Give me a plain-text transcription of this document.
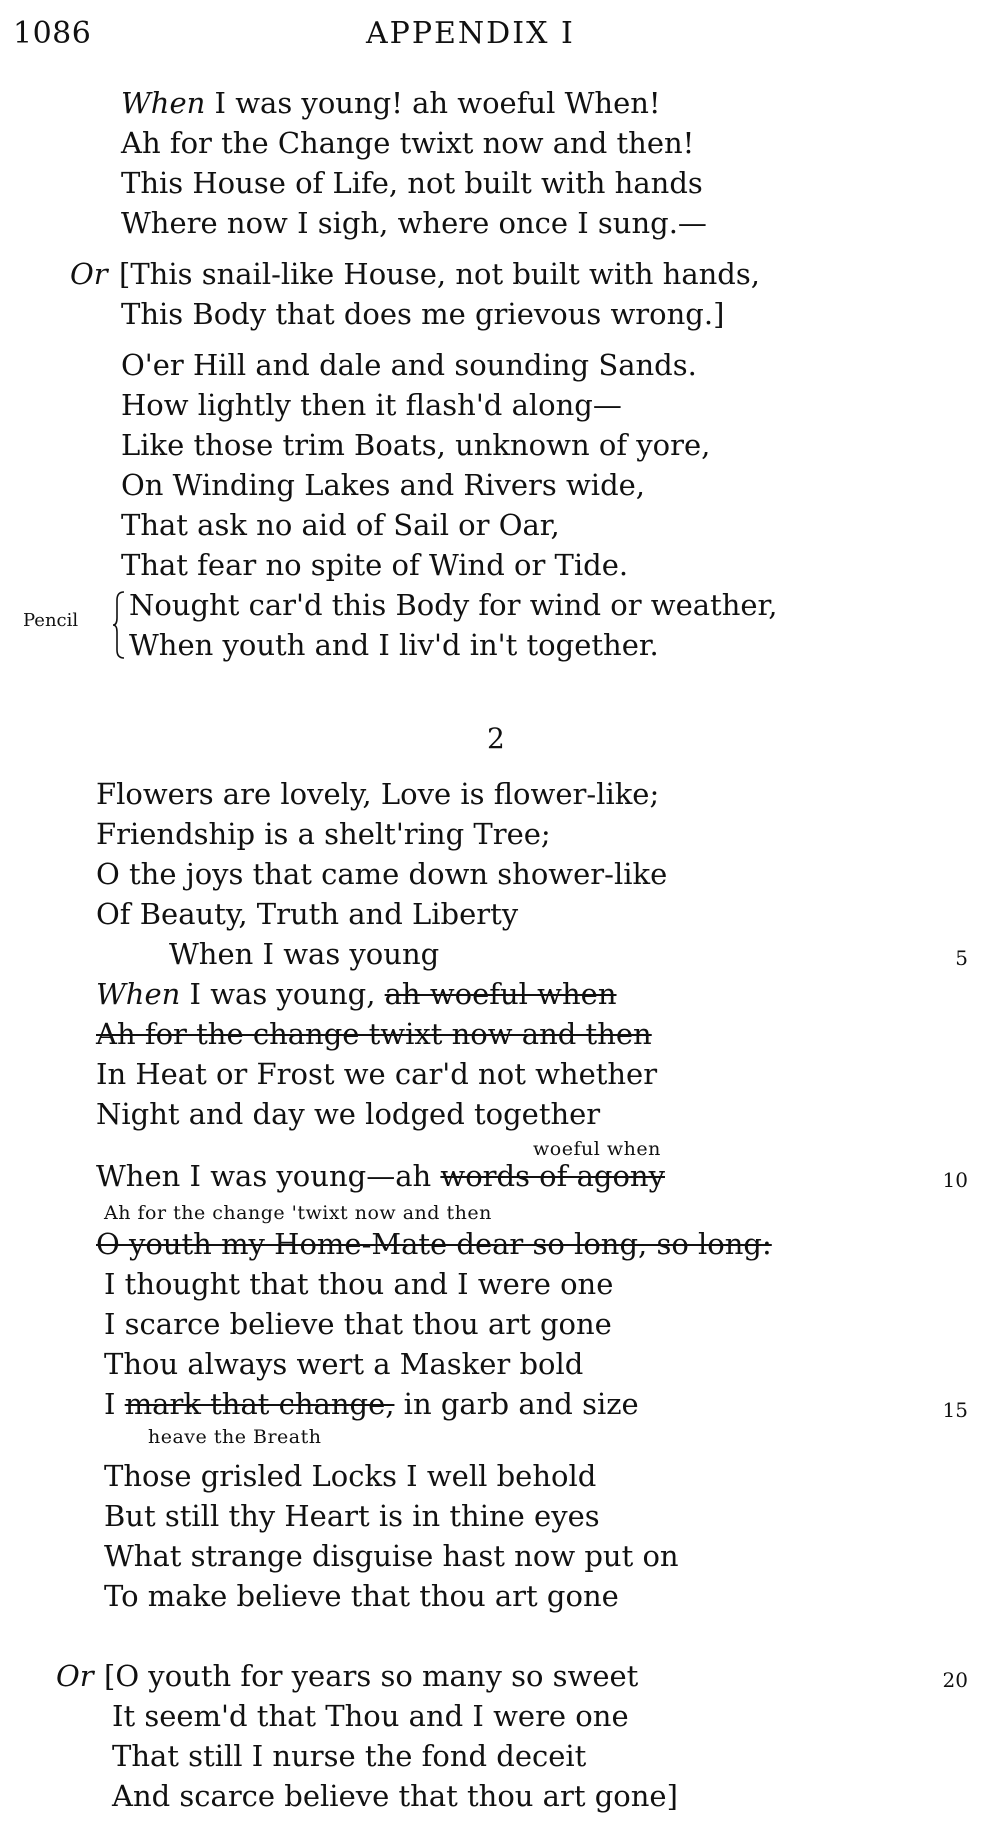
1086	APPENDIX I
When I was young! ah woeful When!
Ah for the Change twixt now and then!
This House of Life, not built with hands
Where now I sigh, where once I sung.—
Or [This snail-like House, not built with hands,
This Body that does me grievous wrong.]
O'er Hill and dale and sounding Sands.
How lightly then it flash'd along—
Like those trim Boats, unknown of yore,
On Winding Lakes and Rivers wide,
That ask no aid of Sail or Oar,
That fear no spite of Wind or Tide.
Pencil Nought car'd this Body for wind or weather,
When youth and I liv'd in't together.
2
Flowers are lovely, Love is flower-like;
Friendship is a shelt'ring Tree;
O the joys that came down shower-like
Of Beauty, Truth and Liberty
When I was young
When I was young, ah woeful when
Ah for the change twixt now and then
In Heat or Frost we car'd not whether
Night and day we lodged together
woeful when
When I was young—ah words of agony
Ah for the change 'twixt now and then
O youth my Home-Mate dear so long, so long:
I thought that thou and I were one
I scarce believe that thou art gone
Thou always wert a Masker bold
I mark that change, in garb and size
heave the Breath
Those grisled Locks I well behold
But still thy Heart is in thine eyes
What strange disguise hast now put on
To make believe that thou art gone
Or [O youth for years so many so sweet
It seem'd that Thou and I were one
That still I nurse the fond deceit
And scarce believe that thou art gone]
5
10
15
20
